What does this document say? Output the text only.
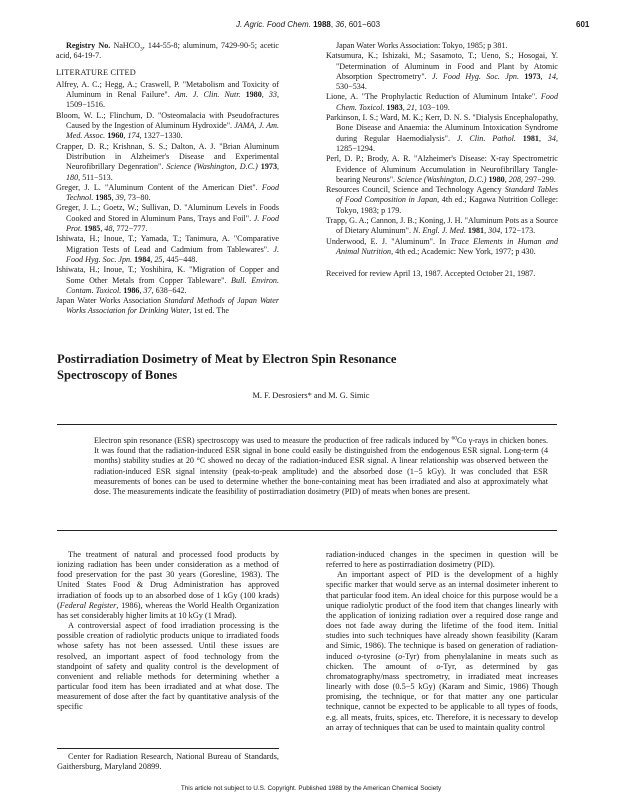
J. Agric. Food Chem. 1988, 36, 601−603	601

Registry No. NaHCO$_3$, 144-55-8; aluminum, 7429-90-5; acetic acid, 64-19-7.

LITERATURE CITED

Alfrey, A. C.; Hegg, A.; Craswell, P. "Metabolism and Toxicity of Aluminum in Renal Failure". Am. J. Clin. Nutr. 1980, 33, 1509−1516.

Bloom, W. L.; Flinchum, D. "Osteomalacia with Pseudofractures Caused by the Ingestion of Aluminum Hydroxide". JAMA, J. Am. Med. Assoc. 1960, 174, 1327−1330.

Crapper, D. R.; Krishnan, S. S.; Dalton, A. J. "Brian Aluminum Distribution in Alzheimer's Disease and Experimental Neurofibrillary Degenration". Science (Washington, D.C.) 1973, 180, 511−513.

Greger, J. L. "Aluminum Content of the American Diet". Food Technol. 1985, 39, 73−80.

Greger, J. L.; Goetz, W.; Sullivan, D. "Aluminum Levels in Foods Cooked and Stored in Aluminum Pans, Trays and Foil". J. Food Prot. 1985, 48, 772−777.

Ishiwata, H.; Inoue, T.; Yamada, T.; Tanimura, A. "Comparative Migration Tests of Lead and Cadmium from Tablewares". J. Food Hyg. Soc. Jpn. 1984, 25, 445−448.

Ishiwata, H.; Inoue, T.; Yoshihira, K. "Migration of Copper and Some Other Metals from Copper Tableware". Bull. Environ. Contam. Toxicol. 1986, 37, 638−642.

Japan Water Works Association Standard Methods of Japan Water Works Association for Drinking Water, 1st ed. The

Japan Water Works Association: Tokyo, 1985; p 381.

Katsumura, K.; Ishizaki, M.; Sasamoto, T.; Ueno, S.; Hosogai, Y. "Determination of Aluminum in Food and Plant by Atomic Absorption Spectrometry". J. Food Hyg. Soc. Jpn. 1973, 14, 530−534.

Lione, A. "The Prophylactic Reduction of Aluminum Intake". Food Chem. Toxicol. 1983, 21, 103−109.

Parkinson, I. S.; Ward, M. K.; Kerr, D. N. S. "Dialysis Encephalopathy, Bone Disease and Anaemia: the Aluminum Intoxication Syndrome during Regular Haemodialysis". J. Clin. Pathol. 1981, 34, 1285−1294.

Perl, D. P.; Brody, A. R. "Alzheimer's Disease: X-ray Spectrometric Evidence of Aluminum Accumulation in Neurofibrillary Tangle-bearing Neurons". Science (Washington, D.C.) 1980, 208, 297−299.

Resources Council, Science and Technology Agency Standard Tables of Food Composition in Japan, 4th ed.; Kagawa Nutrition College: Tokyo, 1983; p 179.

Trapp, G. A.; Cannon, J. B.; Koning, J. H. "Aluminum Pots as a Source of Dietary Aluminum". N. Engl. J. Med. 1981, 304, 172−173.

Underwood, E. J. "Aluminum". In Trace Elements in Human and Animal Nutrition, 4th ed.; Academic: New York, 1977; p 430.

Received for review April 13, 1987. Accepted October 21, 1987.

Postirradiation Dosimetry of Meat by Electron Spin Resonance
Spectroscopy of Bones
M. F. Desrosiers* and M. G. Simic
Electron spin resonance (ESR) spectroscopy was used to measure the production of free radicals induced by $^{60}$Co γ-rays in chicken bones. It was found that the radiation-induced ESR signal in bone could easily be distinguished from the endogenous ESR signal. Long-term (4 months) stability studies at 20 °C showed no decay of the radiation-induced ESR signal. A linear relationship was observed between the radiation-induced ESR signal intensity (peak-to-peak amplitude) and the absorbed dose (1−5 kGy). It was concluded that ESR measurements of bones can be used to determine whether the bone-containing meat has been irradiated and also at approximately what dose. The measurements indicate the feasibility of postirradiation dosimetry (PID) of meats when bones are present.

The treatment of natural and processed food products by ionizing radiation has been under consideration as a method of food preservation for the past 30 years (Goresline, 1983). The United States Food & Drug Administration has approved irradiation of foods up to an absorbed dose of 1 kGy (100 krads) (Federal Register, 1986), whereas the World Health Organization has set considerably higher limits at 10 kGy (1 Mrad).

A controversial aspect of food irradiation processing is the possible creation of radiolytic products unique to irradiated foods whose safety has not been assessed. Until these issues are resolved, an important aspect of food technology from the standpoint of safety and quality control is the development of convenient and reliable methods for determining whether a particular food item has been irradiated and at what dose. The measurement of dose after the fact by quantitative analysis of the specific

Center for Radiation Research, National Bureau of Standards, Gaithersburg, Maryland 20899.

radiation-induced changes in the specimen in question will be referred to here as postirradiation dosimetry (PID).

An important aspect of PID is the development of a highly specific marker that would serve as an internal dosimeter inherent to that particular food item. An ideal choice for this purpose would be a unique radiolytic product of the food item that changes linearly with the application of ionizing radiation over a required dose range and does not fade away during the lifetime of the food item. Initial studies into such techniques have already shown feasibility (Karam and Simic, 1986). The technique is based on generation of radiation-induced o-tyrosine (o-Tyr) from phenylalanine in meats such as chicken. The amount of o-Tyr, as determined by gas chromatography/mass spectrometry, in irradiated meat increases linearly with dose (0.5−5 kGy) (Karam and Simic, 1986) Though promising, the technique, or for that matter any one particular technique, cannot be expected to be applicable to all types of foods, e.g. all meats, fruits, spices, etc. Therefore, it is necessary to develop an array of techniques that can be used to maintain quality control

This article not subject to U.S. Copyright. Published 1988 by the American Chemical Society
